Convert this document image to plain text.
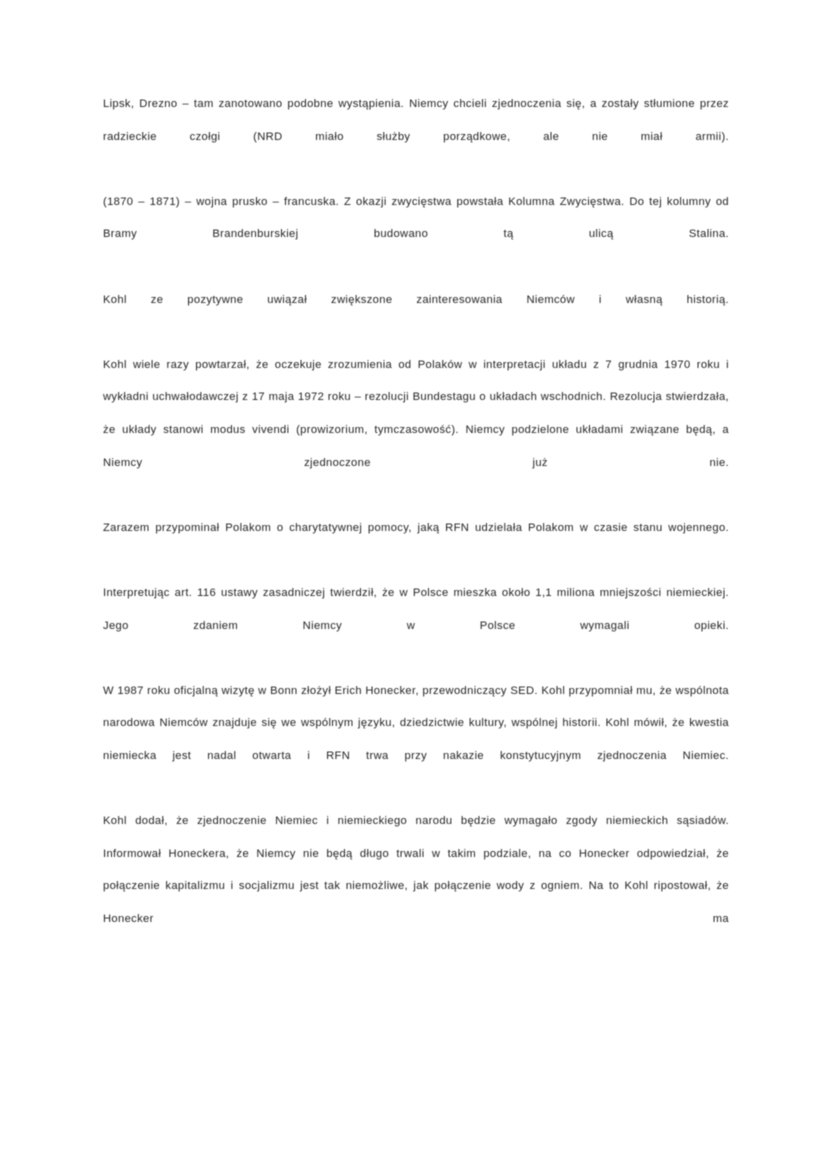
Lipsk, Drezno – tam zanotowano podobne wystąpienia. Niemcy chcieli zjednoczenia się, a zostały stłumione przez radzieckie czołgi (NRD miało służby porządkowe, ale nie miał armii).

(1870 – 1871) – wojna prusko – francuska. Z okazji zwycięstwa powstała Kolumna Zwycięstwa. Do tej kolumny od Bramy Brandenburskiej budowano tą ulicą Stalina.

Kohl ze pozytywne uwiązał zwiększone zainteresowania Niemców i własną historią.

Kohl wiele razy powtarzał, że oczekuje zrozumienia od Polaków w interpretacji układu z 7 grudnia 1970 roku i wykładni uchwałodawczej z 17 maja 1972 roku – rezolucji Bundestagu o układach wschodnich. Rezolucja stwierdzała, że układy stanowi modus vivendi (prowizorium, tymczasowość). Niemcy podzielone układami związane będą, a Niemcy zjednoczone już nie.

Zarazem przypominał Polakom o charytatywnej pomocy, jaką RFN udzielała Polakom w czasie stanu wojennego.

Interpretując art. 116 ustawy zasadniczej twierdził, że w Polsce mieszka około 1,1 miliona mniejszości niemieckiej. Jego zdaniem Niemcy w Polsce wymagali opieki.

W 1987 roku oficjalną wizytę w Bonn złożył Erich Honecker, przewodniczący SED. Kohl przypomniał mu, że wspólnota narodowa Niemców znajduje się we wspólnym języku, dziedzictwie kultury, wspólnej historii. Kohl mówił, że kwestia niemiecka jest nadal otwarta i RFN trwa przy nakazie konstytucyjnym zjednoczenia Niemiec.

Kohl dodał, że zjednoczenie Niemiec i niemieckiego narodu będzie wymagało zgody niemieckich sąsiadów. Informował Honeckera, że Niemcy nie będą długo trwali w takim podziale, na co Honecker odpowiedział, że połączenie kapitalizmu i socjalizmu jest tak niemożliwe, jak połączenie wody z ogniem. Na to Kohl ripostował, że Honecker ma
